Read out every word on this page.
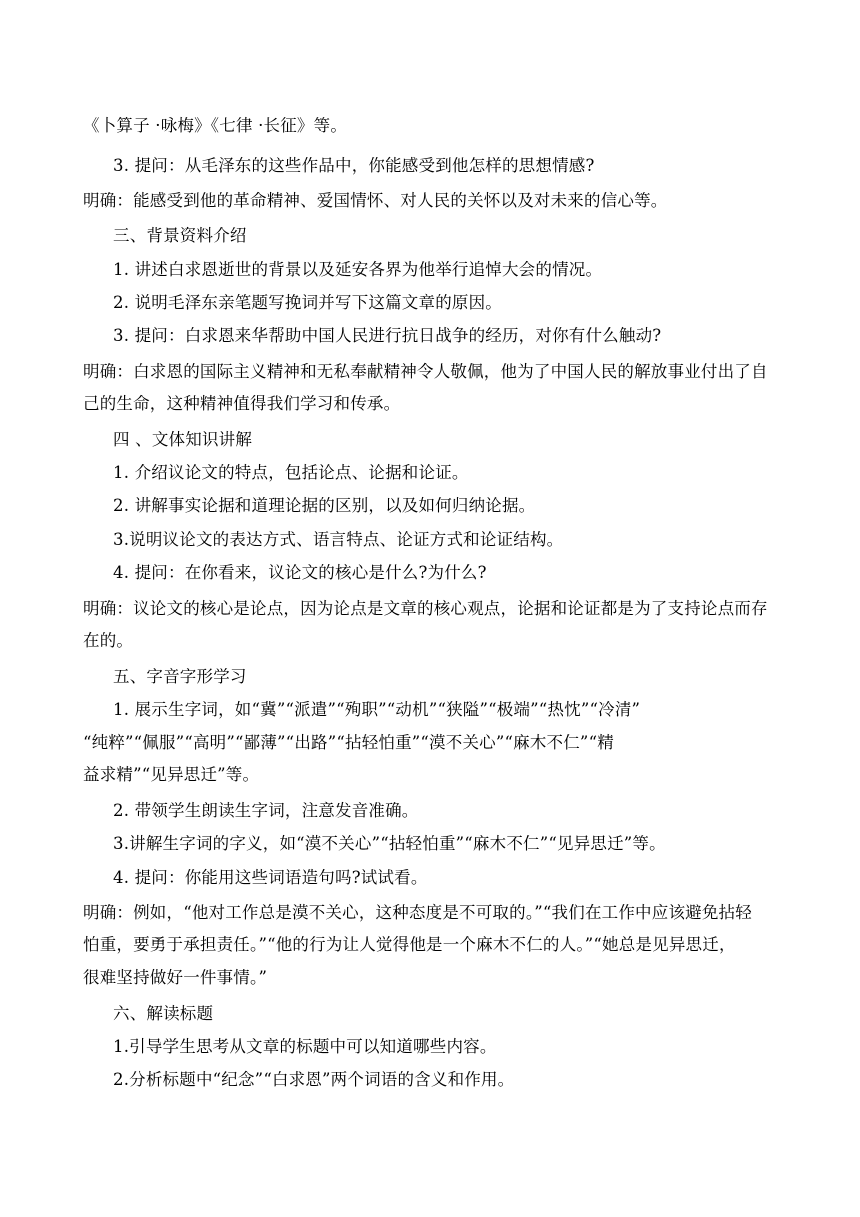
《卜算子 ·咏梅》《七律 ·长征》等。
3. 提问：从毛泽东的这些作品中，你能感受到他怎样的思想情感?
明确：能感受到他的革命精神、爱国情怀、对人民的关怀以及对未来的信心等。
三、背景资料介绍
1. 讲述白求恩逝世的背景以及延安各界为他举行追悼大会的情况。
2. 说明毛泽东亲笔题写挽词并写下这篇文章的原因。
3. 提问：白求恩来华帮助中国人民进行抗日战争的经历，对你有什么触动?
明确：白求恩的国际主义精神和无私奉献精神令人敬佩，他为了中国人民的解放事业付出了自
己的生命，这种精神值得我们学习和传承。
四 、文体知识讲解
1. 介绍议论文的特点，包括论点、论据和论证。
2. 讲解事实论据和道理论据的区别，以及如何归纳论据。
3.说明议论文的表达方式、语言特点、论证方式和论证结构。
4. 提问：在你看来，议论文的核心是什么?为什么?
明确：议论文的核心是论点，因为论点是文章的核心观点，论据和论证都是为了支持论点而存
在的。
五、字音字形学习
1. 展示生字词，如“冀”“派遣”“殉职”“动机”“狭隘”“极端”“热忱”“冷清”
“纯粹”“佩服”“高明”“鄙薄”“出路”“拈轻怕重”“漠不关心”“麻木不仁”“精
益求精”“见异思迁”等。
2. 带领学生朗读生字词，注意发音准确。
3.讲解生字词的字义，如“漠不关心”“拈轻怕重”“麻木不仁”“见异思迁”等。
4. 提问：你能用这些词语造句吗?试试看。
明确：例如，“他对工作总是漠不关心，这种态度是不可取的。”“我们在工作中应该避免拈轻
怕重，要勇于承担责任。”“他的行为让人觉得他是一个麻木不仁的人。”“她总是见异思迁，
很难坚持做好一件事情。”
六、解读标题
1.引导学生思考从文章的标题中可以知道哪些内容。
2.分析标题中“纪念”“白求恩”两个词语的含义和作用。
